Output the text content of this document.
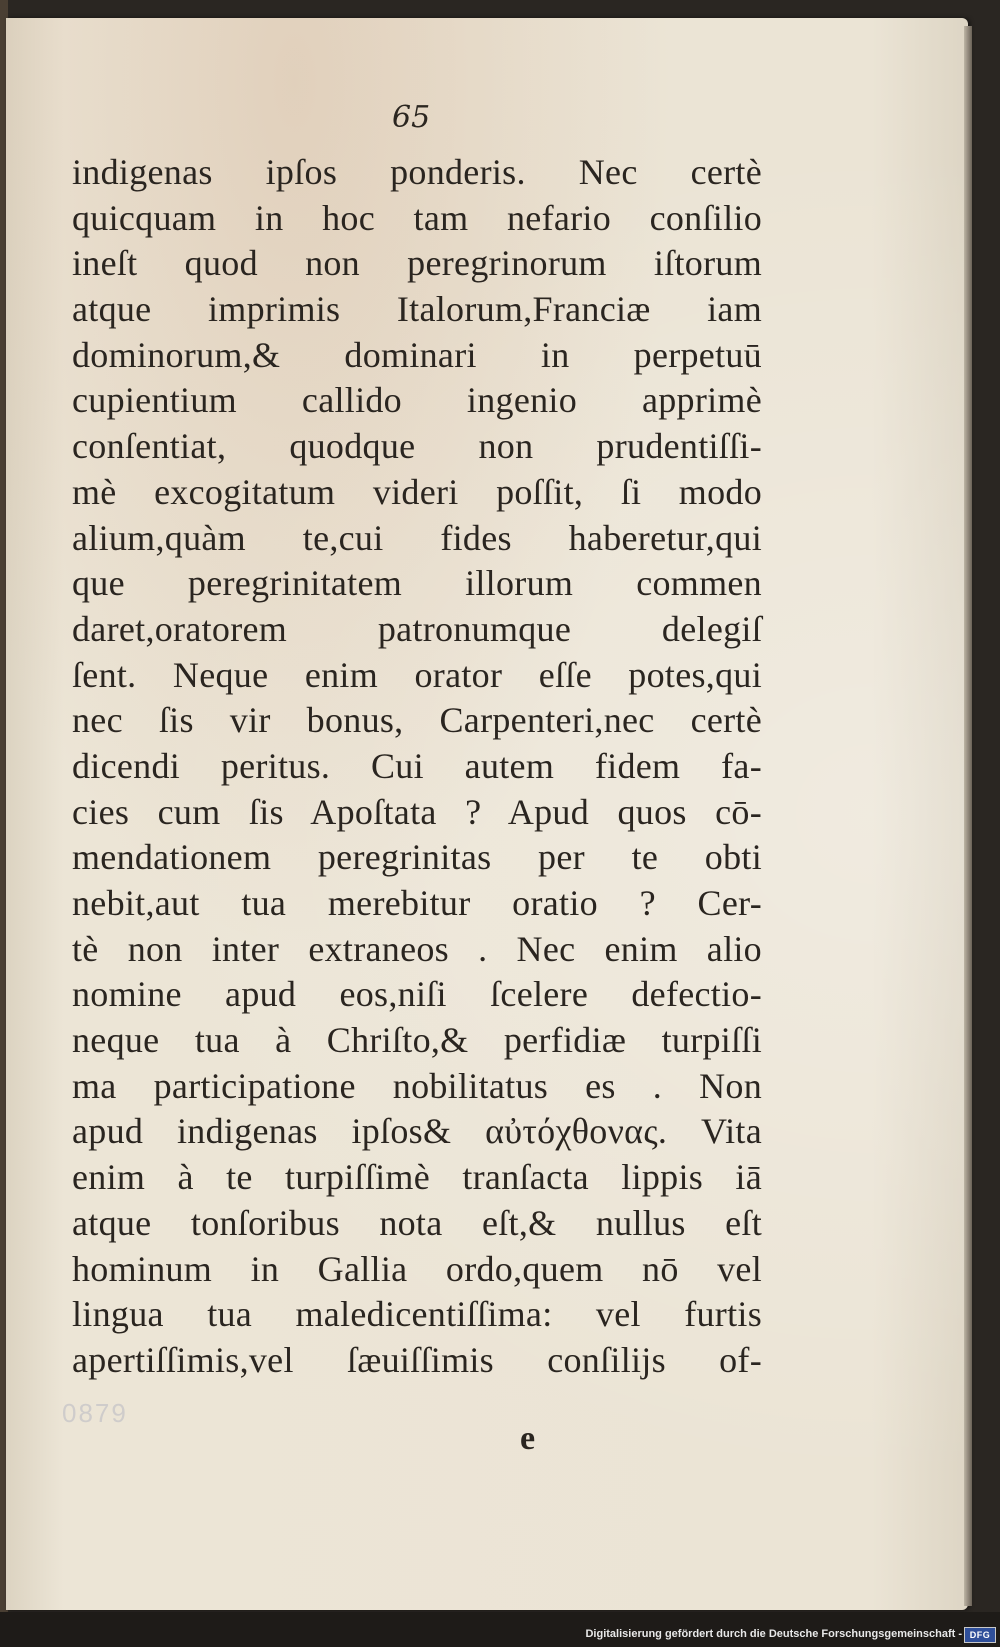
65
indigenas ipſos ponderis. Nec certè
quicquam in hoc tam nefario conſilio
ineſt quod non peregrinorum iſtorum
atque imprimis Italorum,Franciæ iam
dominorum,& dominari in perpetuū
cupientium callido ingenio apprimè
conſentiat, quodque non prudentiſſi-
mè excogitatum videri poſſit, ſi modo
alium,quàm te,cui fides haberetur,qui
que peregrinitatem illorum commen
daret,oratorem patronumque delegiſ
ſent. Neque enim orator eſſe potes,qui
nec ſis vir bonus, Carpenteri,nec certè
dicendi peritus. Cui autem fidem fa-
cies cum ſis Apoſtata ? Apud quos cō-
mendationem peregrinitas per te obti
nebit,aut tua merebitur oratio ? Cer-
tè non inter extraneos . Nec enim alio
nomine apud eos,niſi ſcelere defectio-
neque tua à Chriſto,& perfidiæ turpiſſi
ma participatione nobilitatus es . Non
apud indigenas ipſos& αὐτόχθονας. Vita
enim à te turpiſſimè tranſacta lippis iā
atque tonſoribus nota eſt,& nullus eſt
hominum in Gallia ordo,quem nō vel
lingua tua maledicentiſſima: vel furtis
apertiſſimis,vel ſæuiſſimis conſilijs of-
0879
e
Digitalisierung gefördert durch die Deutsche Forschungsgemeinschaft - DFG
